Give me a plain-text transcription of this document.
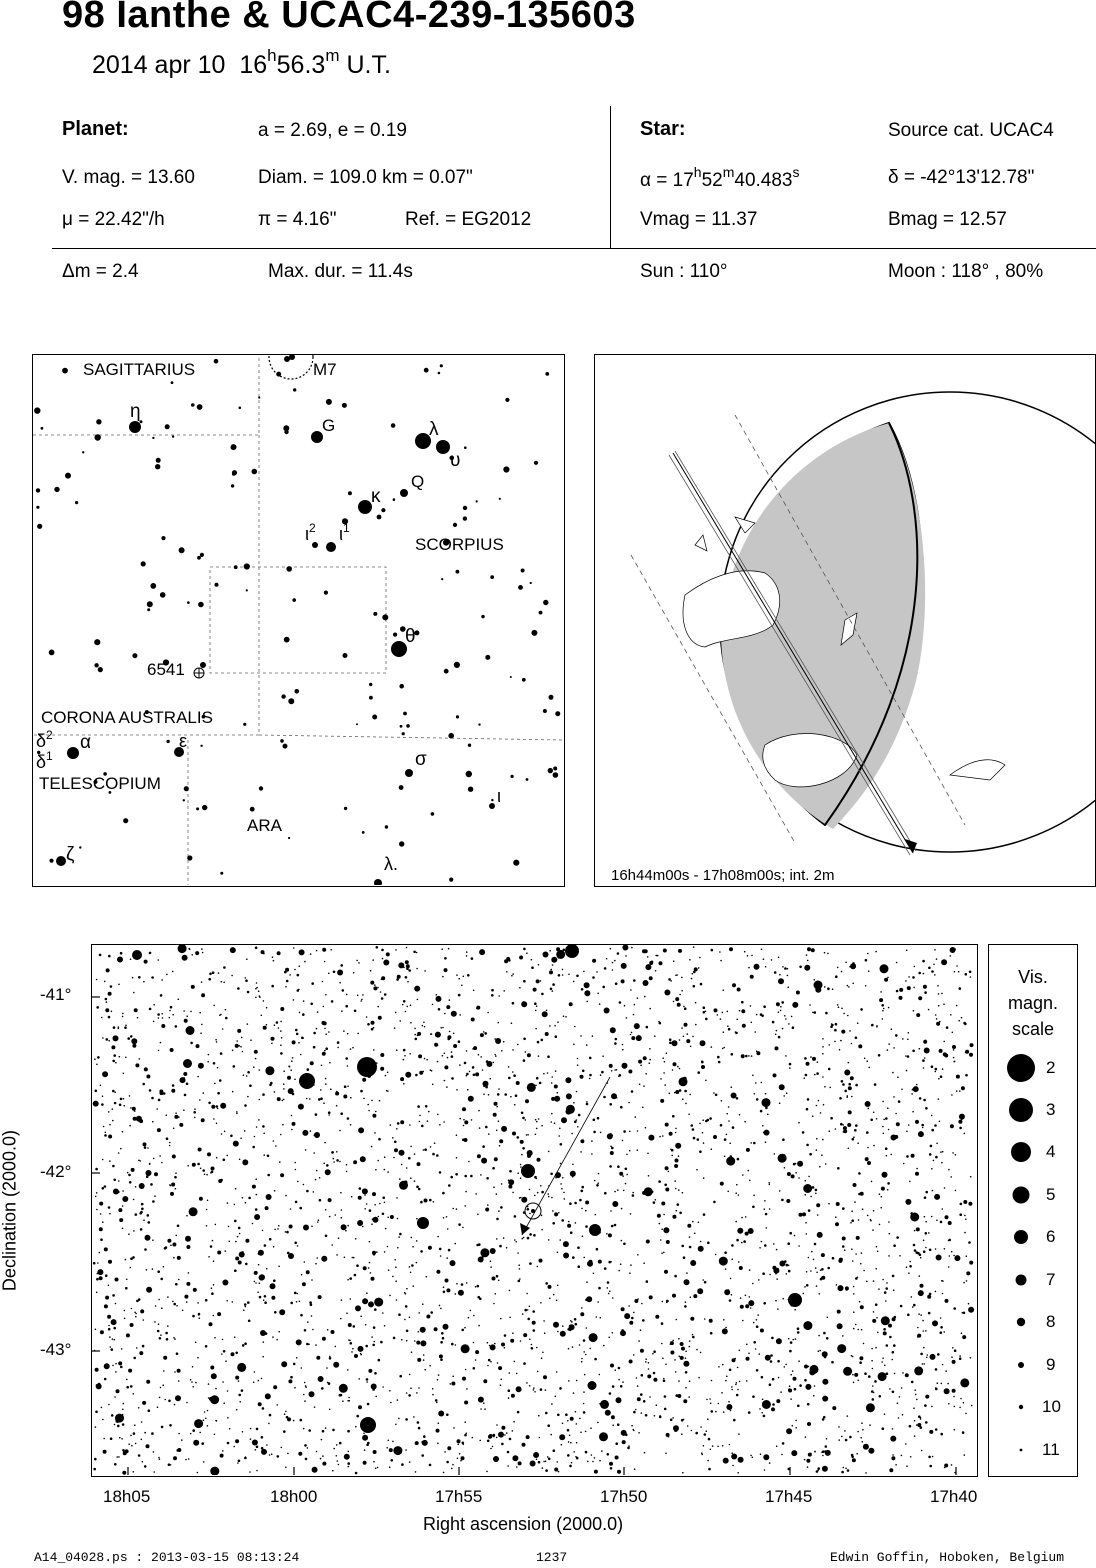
98 Ianthe & UCAC4-239-135603
2014 apr 10 16$^h$56.3$^m$ U.T.
Planet:	a = 2.69, e = 0.19
V. mag. = 13.60	Diam. = 109.0 km = 0.07"
μ = 22.42"/h	π = 4.16"	Ref. = EG2012
Star:	Source cat. UCAC4
$\alpha = 17^h52^m40.483^s$	δ = -42°13'12.78"
Vmag = 11.37	Bmag = 12.57
Δm = 2.4	Max. dur. = 11.4s	Sun : 110°	Moon : 118° , 80%
SAGITTARIUS	M7
η
G	λ
υ
Q
κ
$\iota^2$ $\iota^1$
SCORPIUS
θ
6541
CORONA AUSTRALIS
$\delta^2$
$\delta^1$
α	ε
TELESCOPIUM
σ
ι
ARA
ζ	λ.
16h44m00s - 17h08m00s; int. 2m
-41°
-42°
-43°
18h05	18h00	17h55	17h50	17h45	17h40
Right ascension (2000.0)
Declination (2000.0)
Vis.
magn.
scale
2
3
4
5
6
7
8
9
10
11
A14_04028.ps : 2013-03-15 08:13:24	1237	Edwin Goffin, Hoboken, Belgium
